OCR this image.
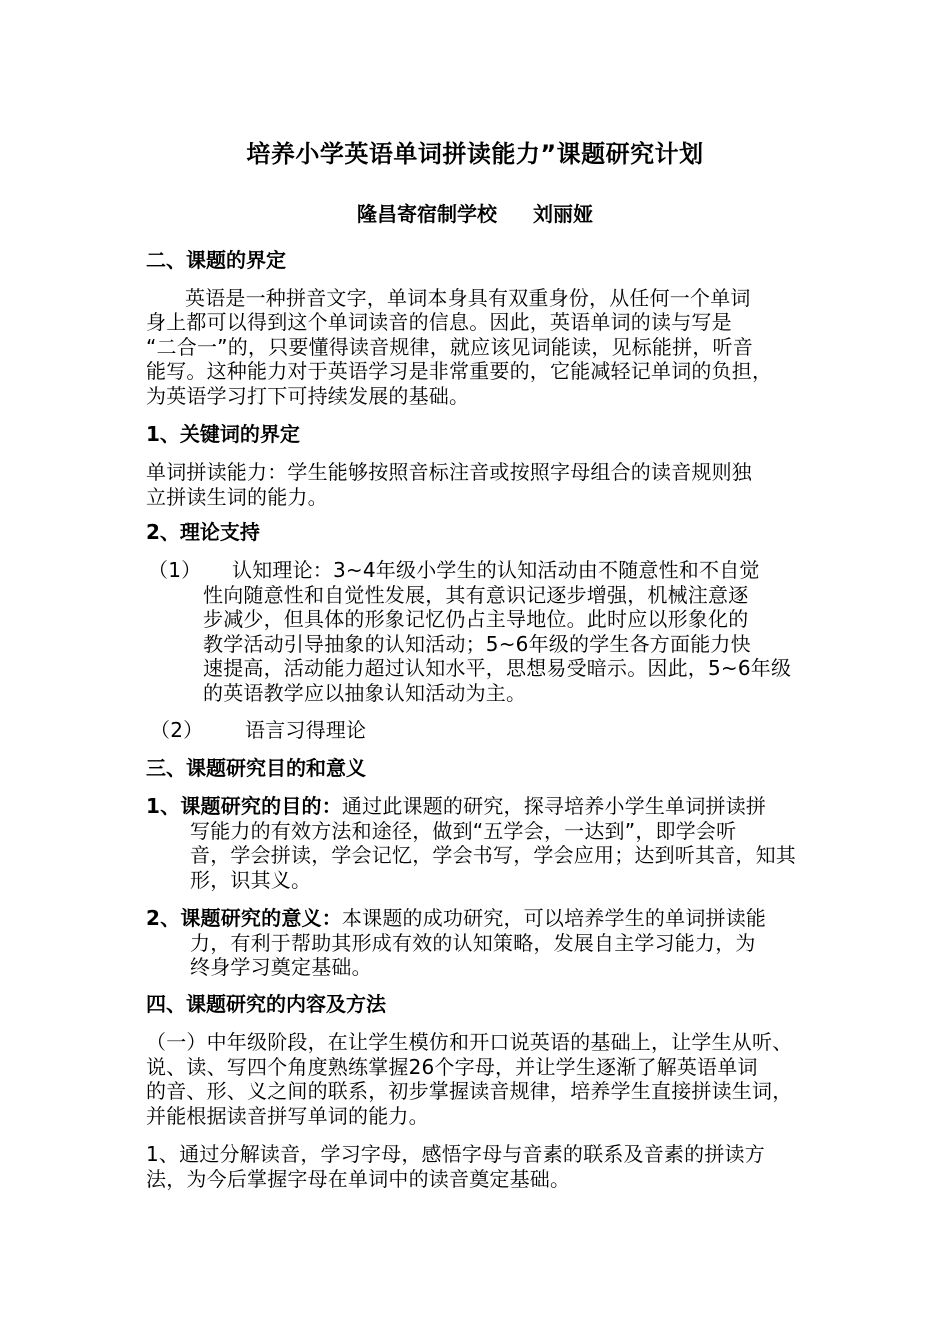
培养小学英语单词拼读能力”课题研究计划
隆昌寄宿制学校 刘丽娅
二、课题的界定
英语是一种拼音文字，单词本身具有双重身份，从任何一个单词
身上都可以得到这个单词读音的信息。因此，英语单词的读与写是
“二合一”的，只要懂得读音规律，就应该见词能读，见标能拼，听音
能写。这种能力对于英语学习是非常重要的，它能减轻记单词的负担，
为英语学习打下可持续发展的基础。
1、关键词的界定
单词拼读能力：学生能够按照音标注音或按照字母组合的读音规则独
立拼读生词的能力。
2、理论支持
（1） 认知理论：3~4年级小学生的认知活动由不随意性和不自觉
性向随意性和自觉性发展，其有意识记逐步增强，机械注意逐
步减少，但具体的形象记忆仍占主导地位。此时应以形象化的
教学活动引导抽象的认知活动；5~6年级的学生各方面能力快
速提高，活动能力超过认知水平，思想易受暗示。因此，5~6年级
的英语教学应以抽象认知活动为主。
（2） 语言习得理论
三、课题研究目的和意义
1、课题研究的目的：通过此课题的研究，探寻培养小学生单词拼读拼
写能力的有效方法和途径，做到“五学会，一达到”，即学会听
音，学会拼读，学会记忆，学会书写，学会应用；达到听其音，知其
形，识其义。
2、课题研究的意义：本课题的成功研究，可以培养学生的单词拼读能
力，有利于帮助其形成有效的认知策略，发展自主学习能力，为
终身学习奠定基础。
四、课题研究的内容及方法
（一）中年级阶段，在让学生模仿和开口说英语的基础上，让学生从听、
说、读、写四个角度熟练掌握26个字母，并让学生逐渐了解英语单词
的音、形、义之间的联系，初步掌握读音规律，培养学生直接拼读生词，
并能根据读音拼写单词的能力。
1、通过分解读音，学习字母，感悟字母与音素的联系及音素的拼读方
法，为今后掌握字母在单词中的读音奠定基础。
